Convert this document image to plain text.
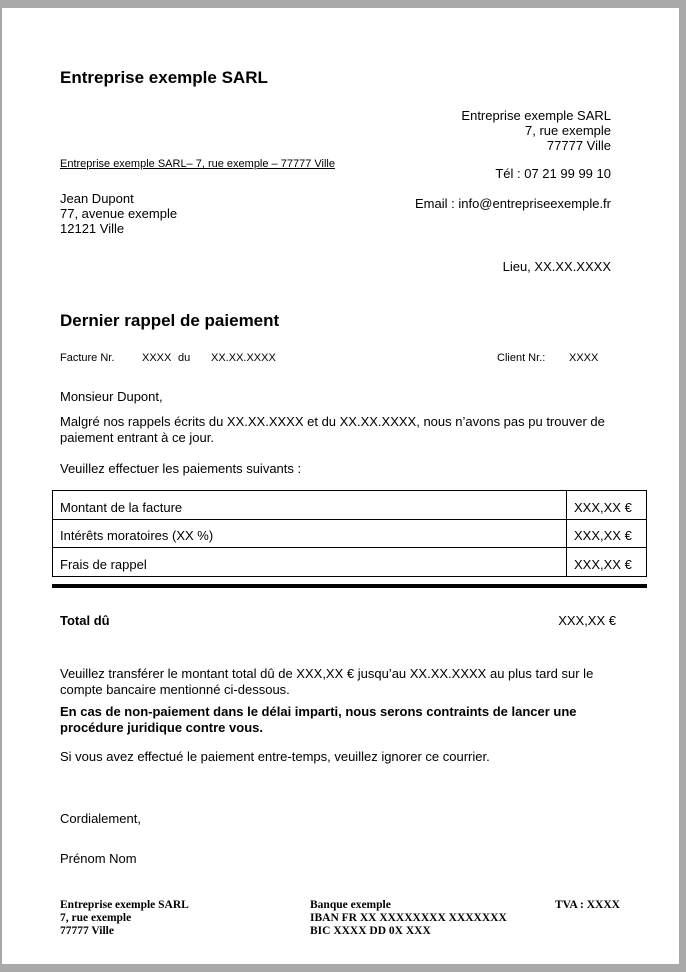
Entreprise exemple SARL
Entreprise exemple SARL
7, rue exemple
77777 Ville
Tél : 07 21 99 99 10
Email : info@entrepriseexemple.fr
Entreprise exemple SARL– 7, rue exemple – 77777 Ville
Jean Dupont
77, avenue exemple
12121 Ville
Lieu, XX.XX.XXXX
Dernier rappel de paiement
Facture Nr.	XXXX du XX.XX.XXXX	Client Nr.: XXXX
Monsieur Dupont,
Malgré nos rappels écrits du XX.XX.XXXX et du XX.XX.XXXX, nous n’avons pas pu trouver de paiement entrant à ce jour.
Veuillez effectuer les paiements suivants :
Montant de la facture	XXX,XX €
Intérêts moratoires (XX %)	XXX,XX €
Frais de rappel	XXX,XX €
Total dû	XXX,XX €
Veuillez transférer le montant total dû de XXX,XX € jusqu’au XX.XX.XXXX au plus tard sur le compte bancaire mentionné ci-dessous.
En cas de non-paiement dans le délai imparti, nous serons contraints de lancer une procédure juridique contre vous.
Si vous avez effectué le paiement entre-temps, veuillez ignorer ce courrier.
Cordialement,
Prénom Nom
Entreprise exemple SARL
7, rue exemple
77777 Ville
Banque exemple
IBAN FR XX XXXXXXXX XXXXXXX
BIC XXXX DD 0X XXX
TVA : XXXX
